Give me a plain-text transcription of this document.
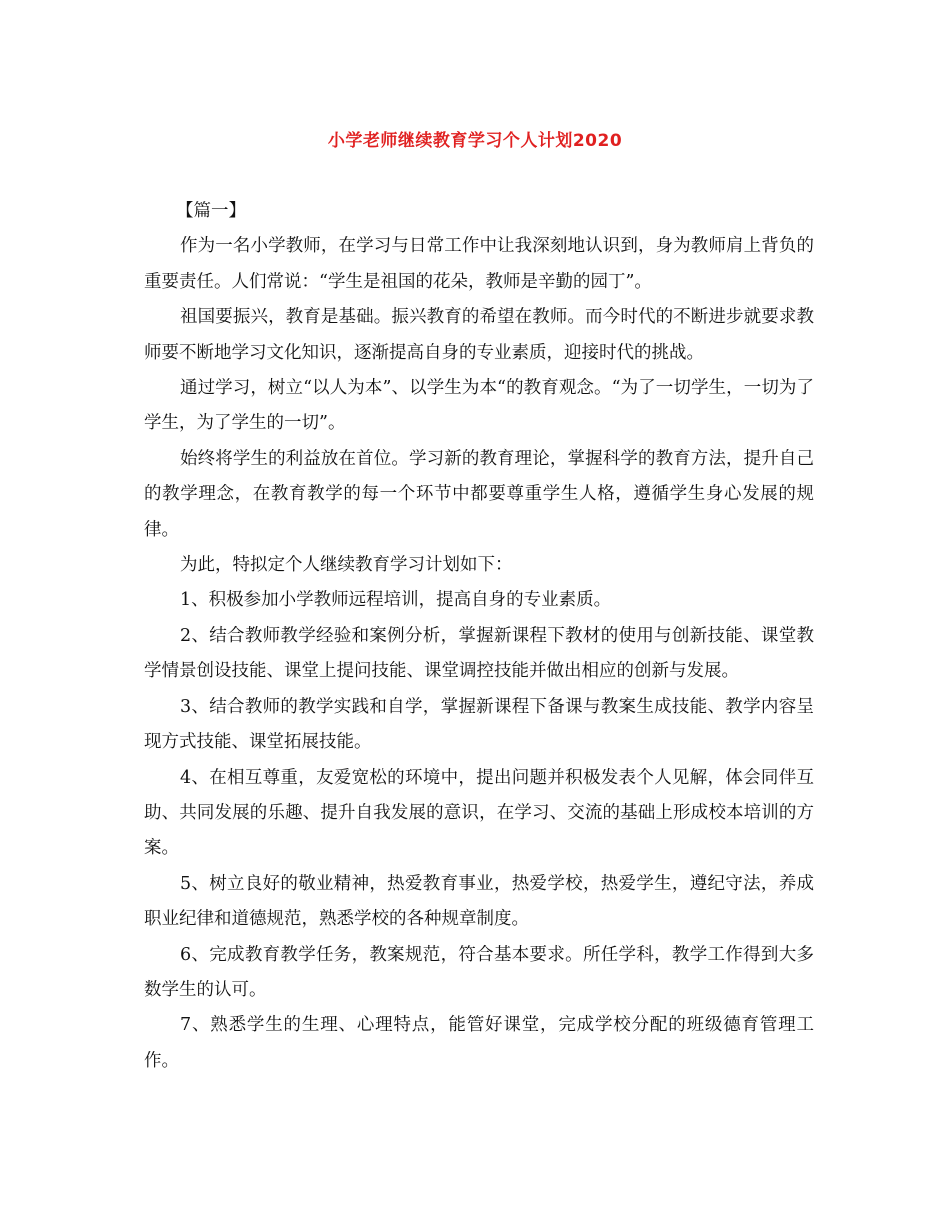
小学老师继续教育学习个人计划2020

【篇一】

作为一名小学教师，在学习与日常工作中让我深刻地认识到，身为教师肩上背负的重要责任。人们常说：“学生是祖国的花朵，教师是辛勤的园丁”。

祖国要振兴，教育是基础。振兴教育的希望在教师。而今时代的不断进步就要求教师要不断地学习文化知识，逐渐提高自身的专业素质，迎接时代的挑战。

通过学习，树立“以人为本”、以学生为本“的教育观念。“为了一切学生，一切为了学生，为了学生的一切”。

始终将学生的利益放在首位。学习新的教育理论，掌握科学的教育方法，提升自己的教学理念，在教育教学的每一个环节中都要尊重学生人格，遵循学生身心发展的规律。

为此，特拟定个人继续教育学习计划如下：

1、积极参加小学教师远程培训，提高自身的专业素质。

2、结合教师教学经验和案例分析，掌握新课程下教材的使用与创新技能、课堂教学情景创设技能、课堂上提问技能、课堂调控技能并做出相应的创新与发展。

3、结合教师的教学实践和自学，掌握新课程下备课与教案生成技能、教学内容呈现方式技能、课堂拓展技能。

4、在相互尊重，友爱宽松的环境中，提出问题并积极发表个人见解，体会同伴互助、共同发展的乐趣、提升自我发展的意识，在学习、交流的基础上形成校本培训的方案。

5、树立良好的敬业精神，热爱教育事业，热爱学校，热爱学生，遵纪守法，养成职业纪律和道德规范，熟悉学校的各种规章制度。

6、完成教育教学任务，教案规范，符合基本要求。所任学科，教学工作得到大多数学生的认可。

7、熟悉学生的生理、心理特点，能管好课堂，完成学校分配的班级德育管理工作。
